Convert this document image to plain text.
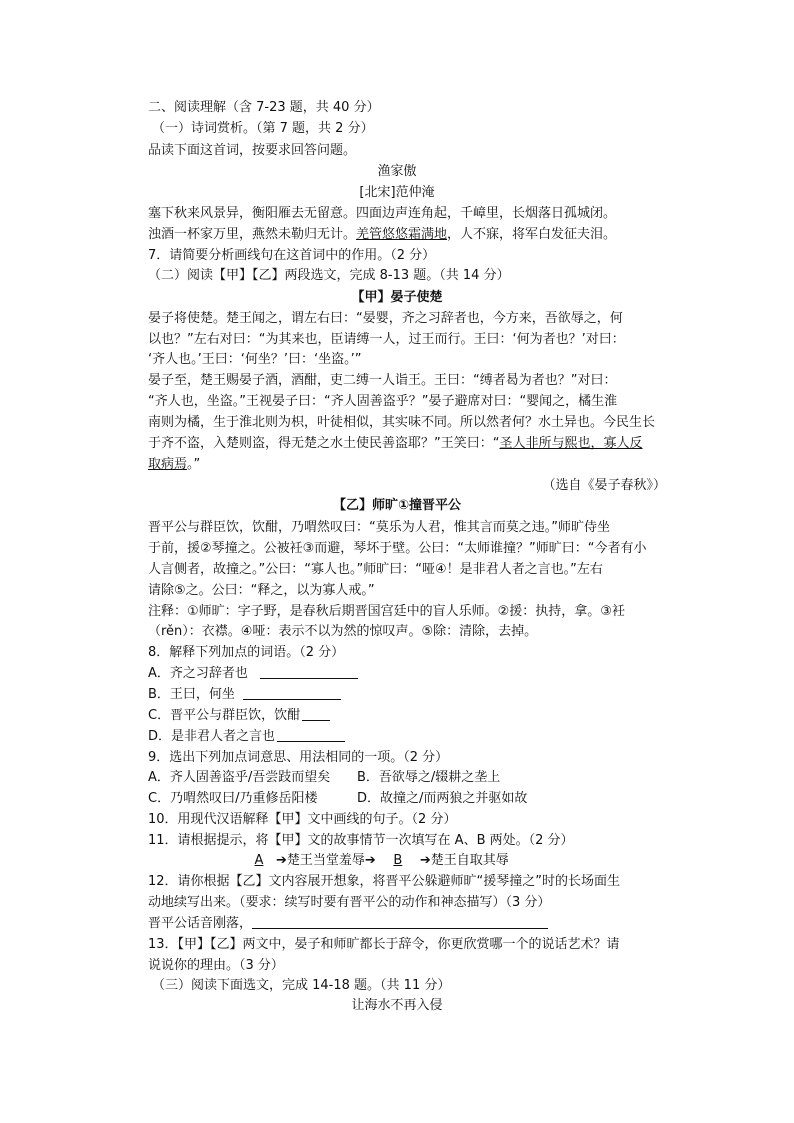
二、阅读理解（含 7-23 题，共 40 分）
（一）诗词赏析。（第 7 题，共 2 分）
品读下面这首词，按要求回答问题。
渔家傲
[北宋]范仲淹
塞下秋来风景异，衡阳雁去无留意。四面边声连角起，千嶂里，长烟落日孤城闭。
浊酒一杯家万里，燕然未勒归无计。羌管悠悠霜满地，人不寐，将军白发征夫泪。
7．请简要分析画线句在这首词中的作用。（2 分）
（二）阅读【甲】【乙】两段选文，完成 8-13 题。（共 14 分）
【甲】晏子使楚
晏子将使楚。楚王闻之，谓左右曰：“晏婴，齐之习辞者也，今方来，吾欲辱之，何
以也？”左右对曰：“为其来也，臣请缚一人，过王而行。王曰：‘何为者也？’对曰：
‘齐人也。’王曰：‘何坐？’曰：‘坐盗。’”
晏子至，楚王赐晏子酒，酒酣，吏二缚一人诣王。王曰：“缚者曷为者也？”对曰：
“齐人也，坐盗。”王视晏子曰：“齐人固善盗乎？”晏子避席对曰：“婴闻之，橘生淮
南则为橘，生于淮北则为枳，叶徒相似，其实味不同。所以然者何？水土异也。今民生长
于齐不盗，入楚则盗，得无楚之水土使民善盗耶？”王笑曰：“圣人非所与熙也，寡人反
取病焉。”
（选自《晏子春秋》）
【乙】师旷①撞晋平公
晋平公与群臣饮，饮酣，乃喟然叹曰：“莫乐为人君，惟其言而莫之违。”师旷侍坐
于前，援②琴撞之。公被衽③而避，琴坏于壁。公曰：“太师谁撞？”师旷曰：“今者有小
人言侧者，故撞之。”公曰：“寡人也。”师旷曰：“哑④！是非君人者之言也。”左右
请除⑤之。公曰：“释之，以为寡人戒。”
注释：①师旷：字子野，是春秋后期晋国宫廷中的盲人乐师。②援：执持，拿。③衽
（rěn）：衣襟。④哑：表示不以为然的惊叹声。⑤除：清除，去掉。
8．解释下列加点的词语。（2 分）
A．齐之习辞者也
B．王曰，何坐
C．晋平公与群臣饮，饮酣
D．是非君人者之言也
9．选出下列加点词意思、用法相同的一项。（2 分）
A．齐人固善盗乎/吾尝跂而望矣 B．吾欲辱之/辍耕之垄上
C．乃喟然叹曰/乃重修岳阳楼	D．故撞之/而两狼之并驱如故
10．用现代汉语解释【甲】文中画线的句子。（2 分）
11．请根据提示，将【甲】文的故事情节一次填写在 A、B 两处。（2 分）
A ➔楚王当堂羞辱➔ B ➔楚王自取其辱
12．请你根据【乙】文内容展开想象，将晋平公躲避师旷“援琴撞之”时的长场面生
动地续写出来。（要求：续写时要有晋平公的动作和神态描写）（3 分）
晋平公话音刚落，
13．【甲】【乙】两文中，晏子和师旷都长于辞令，你更欣赏哪一个的说话艺术？请
说说你的理由。（3 分）
（三）阅读下面选文，完成 14-18 题。（共 11 分）
让海水不再入侵
